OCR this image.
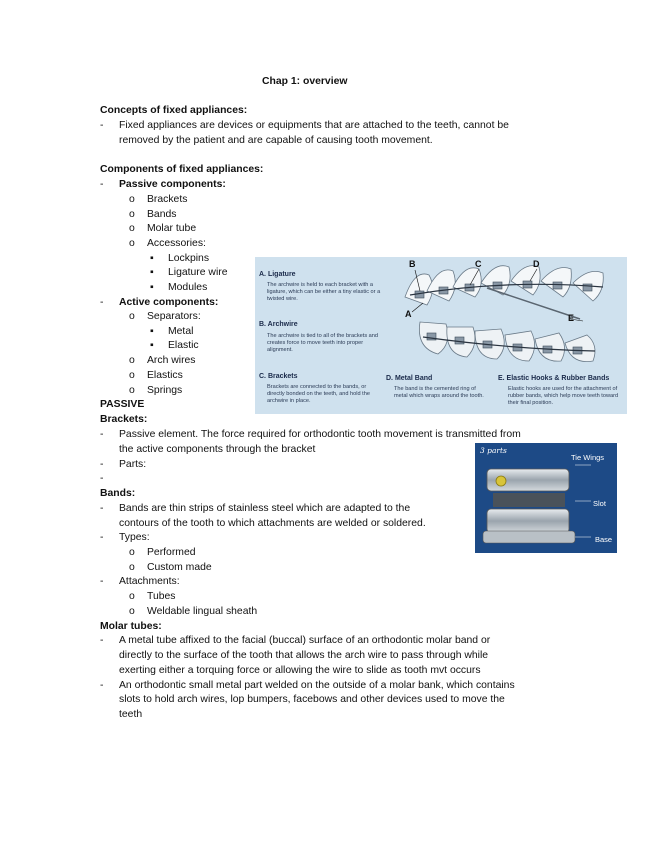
Chap 1: overview
Concepts of fixed appliances:
- Fixed appliances are devices or equipments that are attached to the teeth, cannot be
removed by the patient and are capable of causing tooth movement.
Components of fixed appliances:
- Passive components:
o Brackets
o Bands
o Molar tube
o Accessories:
▪ Lockpins
▪ Ligature wire
▪ Modules
- Active components:
o Separators:
▪ Metal
▪ Elastic
o Arch wires
o Elastics
o Springs
PASSIVE
Brackets:
- Passive element. The force required for orthodontic tooth movement is transmitted from
the active components through the bracket
- Parts:
-
Bands:
- Bands are thin strips of stainless steel which are adapted to the
contours of the tooth to which attachments are welded or soldered.
- Types:
o Performed
o Custom made
- Attachments:
o Tubes
o Weldable lingual sheath
Molar tubes:
- A metal tube affixed to the facial (buccal) surface of an orthodontic molar band or
directly to the surface of the tooth that allows the arch wire to pass through while
exerting either a torquing force or allowing the wire to slide as tooth mvt occurs
- An orthodontic small metal part welded on the outside of a molar bank, which contains
slots to hold arch wires, lop bumpers, facebows and other devices used to move the
teeth
B	C	D
A	E
A. Ligature
The archwire is held to each bracket with a ligature, which can be either a tiny elastic or a twisted wire.
B. Archwire
The archwire is tied to all of the brackets and creates force to move teeth into proper alignment.
C. Brackets
Brackets are connected to the bands, or directly bonded on the teeth, and hold the archwire in place.
D. Metal Band
The band is the cemented ring of metal which wraps around the tooth.
E. Elastic Hooks & Rubber Bands
Elastic hooks are used for the attachment of rubber bands, which help move teeth toward their final position.
3 parts
Tie Wings
Slot
Base
